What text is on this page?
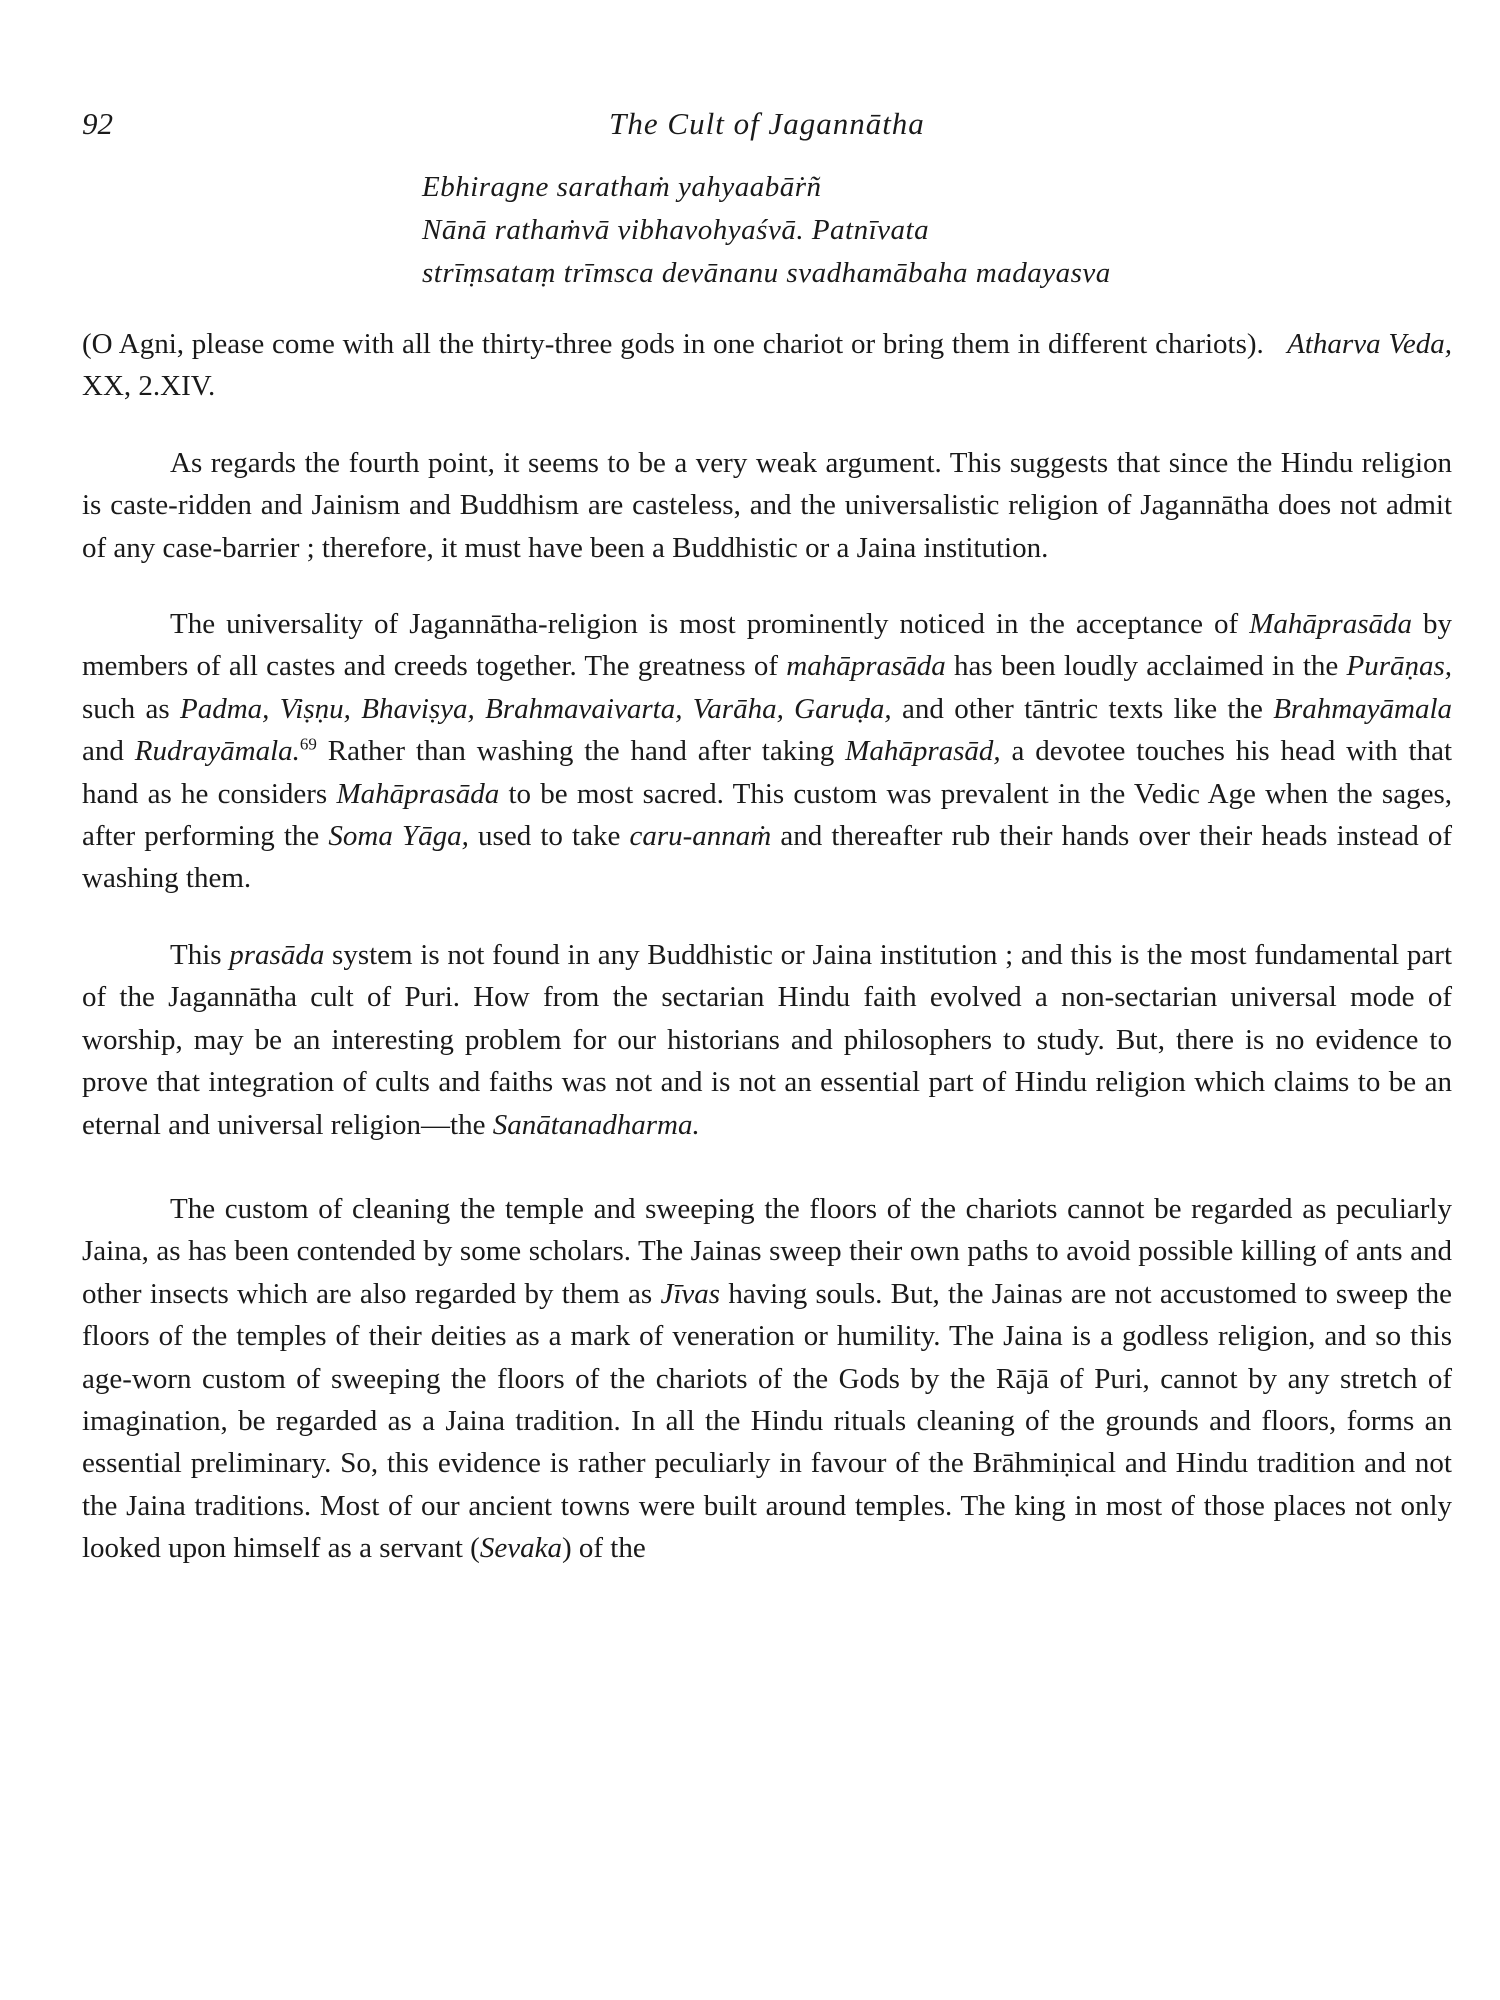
92	The Cult of Jagannātha
Ebhiragne sarathaṁ yahyaabāṙñ
Nānā rathaṁvā vibhavohyaśvā. Patnīvata
strīṃsataṃ trīmsca devānanu svadhamābaha madayasva

(O Agni, please come with all the thirty-three gods in one chariot or bring them in different chariots). Atharva Veda, XX, 2.XIV.

As regards the fourth point, it seems to be a very weak argument. This suggests that since the Hindu religion is caste-ridden and Jainism and Buddhism are casteless, and the universalistic religion of Jagannātha does not admit of any case-barrier ; therefore, it must have been a Buddhistic or a Jaina institution.

The universality of Jagannātha-religion is most prominently noticed in the acceptance of Mahāprasāda by members of all castes and creeds together. The greatness of mahāprasāda has been loudly acclaimed in the Purāṇas, such as Padma, Viṣṇu, Bhaviṣya, Brahmavaivarta, Varāha, Garuḍa, and other tāntric texts like the Brahmayāmala and Rudrayāmala.$^{69}$ Rather than washing the hand after taking Mahāprasād, a devotee touches his head with that hand as he considers Mahāprasāda to be most sacred. This custom was prevalent in the Vedic Age when the sages, after performing the Soma Yāga, used to take caru-annaṁ and thereafter rub their hands over their heads instead of washing them.

This prasāda system is not found in any Buddhistic or Jaina institution ; and this is the most fundamental part of the Jagannātha cult of Puri. How from the sectarian Hindu faith evolved a non-sectarian universal mode of worship, may be an interesting problem for our historians and philosophers to study. But, there is no evidence to prove that integration of cults and faiths was not and is not an essential part of Hindu religion which claims to be an eternal and universal religion—the Sanātanadharma.

The custom of cleaning the temple and sweeping the floors of the chariots cannot be regarded as peculiarly Jaina, as has been contended by some scholars. The Jainas sweep their own paths to avoid possible killing of ants and other insects which are also regarded by them as Jīvas having souls. But, the Jainas are not accustomed to sweep the floors of the temples of their deities as a mark of veneration or humility. The Jaina is a godless religion, and so this age-worn custom of sweeping the floors of the chariots of the Gods by the Rājā of Puri, cannot by any stretch of imagination, be regarded as a Jaina tradition. In all the Hindu rituals cleaning of the grounds and floors, forms an essential preliminary. So, this evidence is rather peculiarly in favour of the Brāhmiṇical and Hindu tradition and not the Jaina traditions. Most of our ancient towns were built around temples. The king in most of those places not only looked upon himself as a servant (Sevaka) of the
